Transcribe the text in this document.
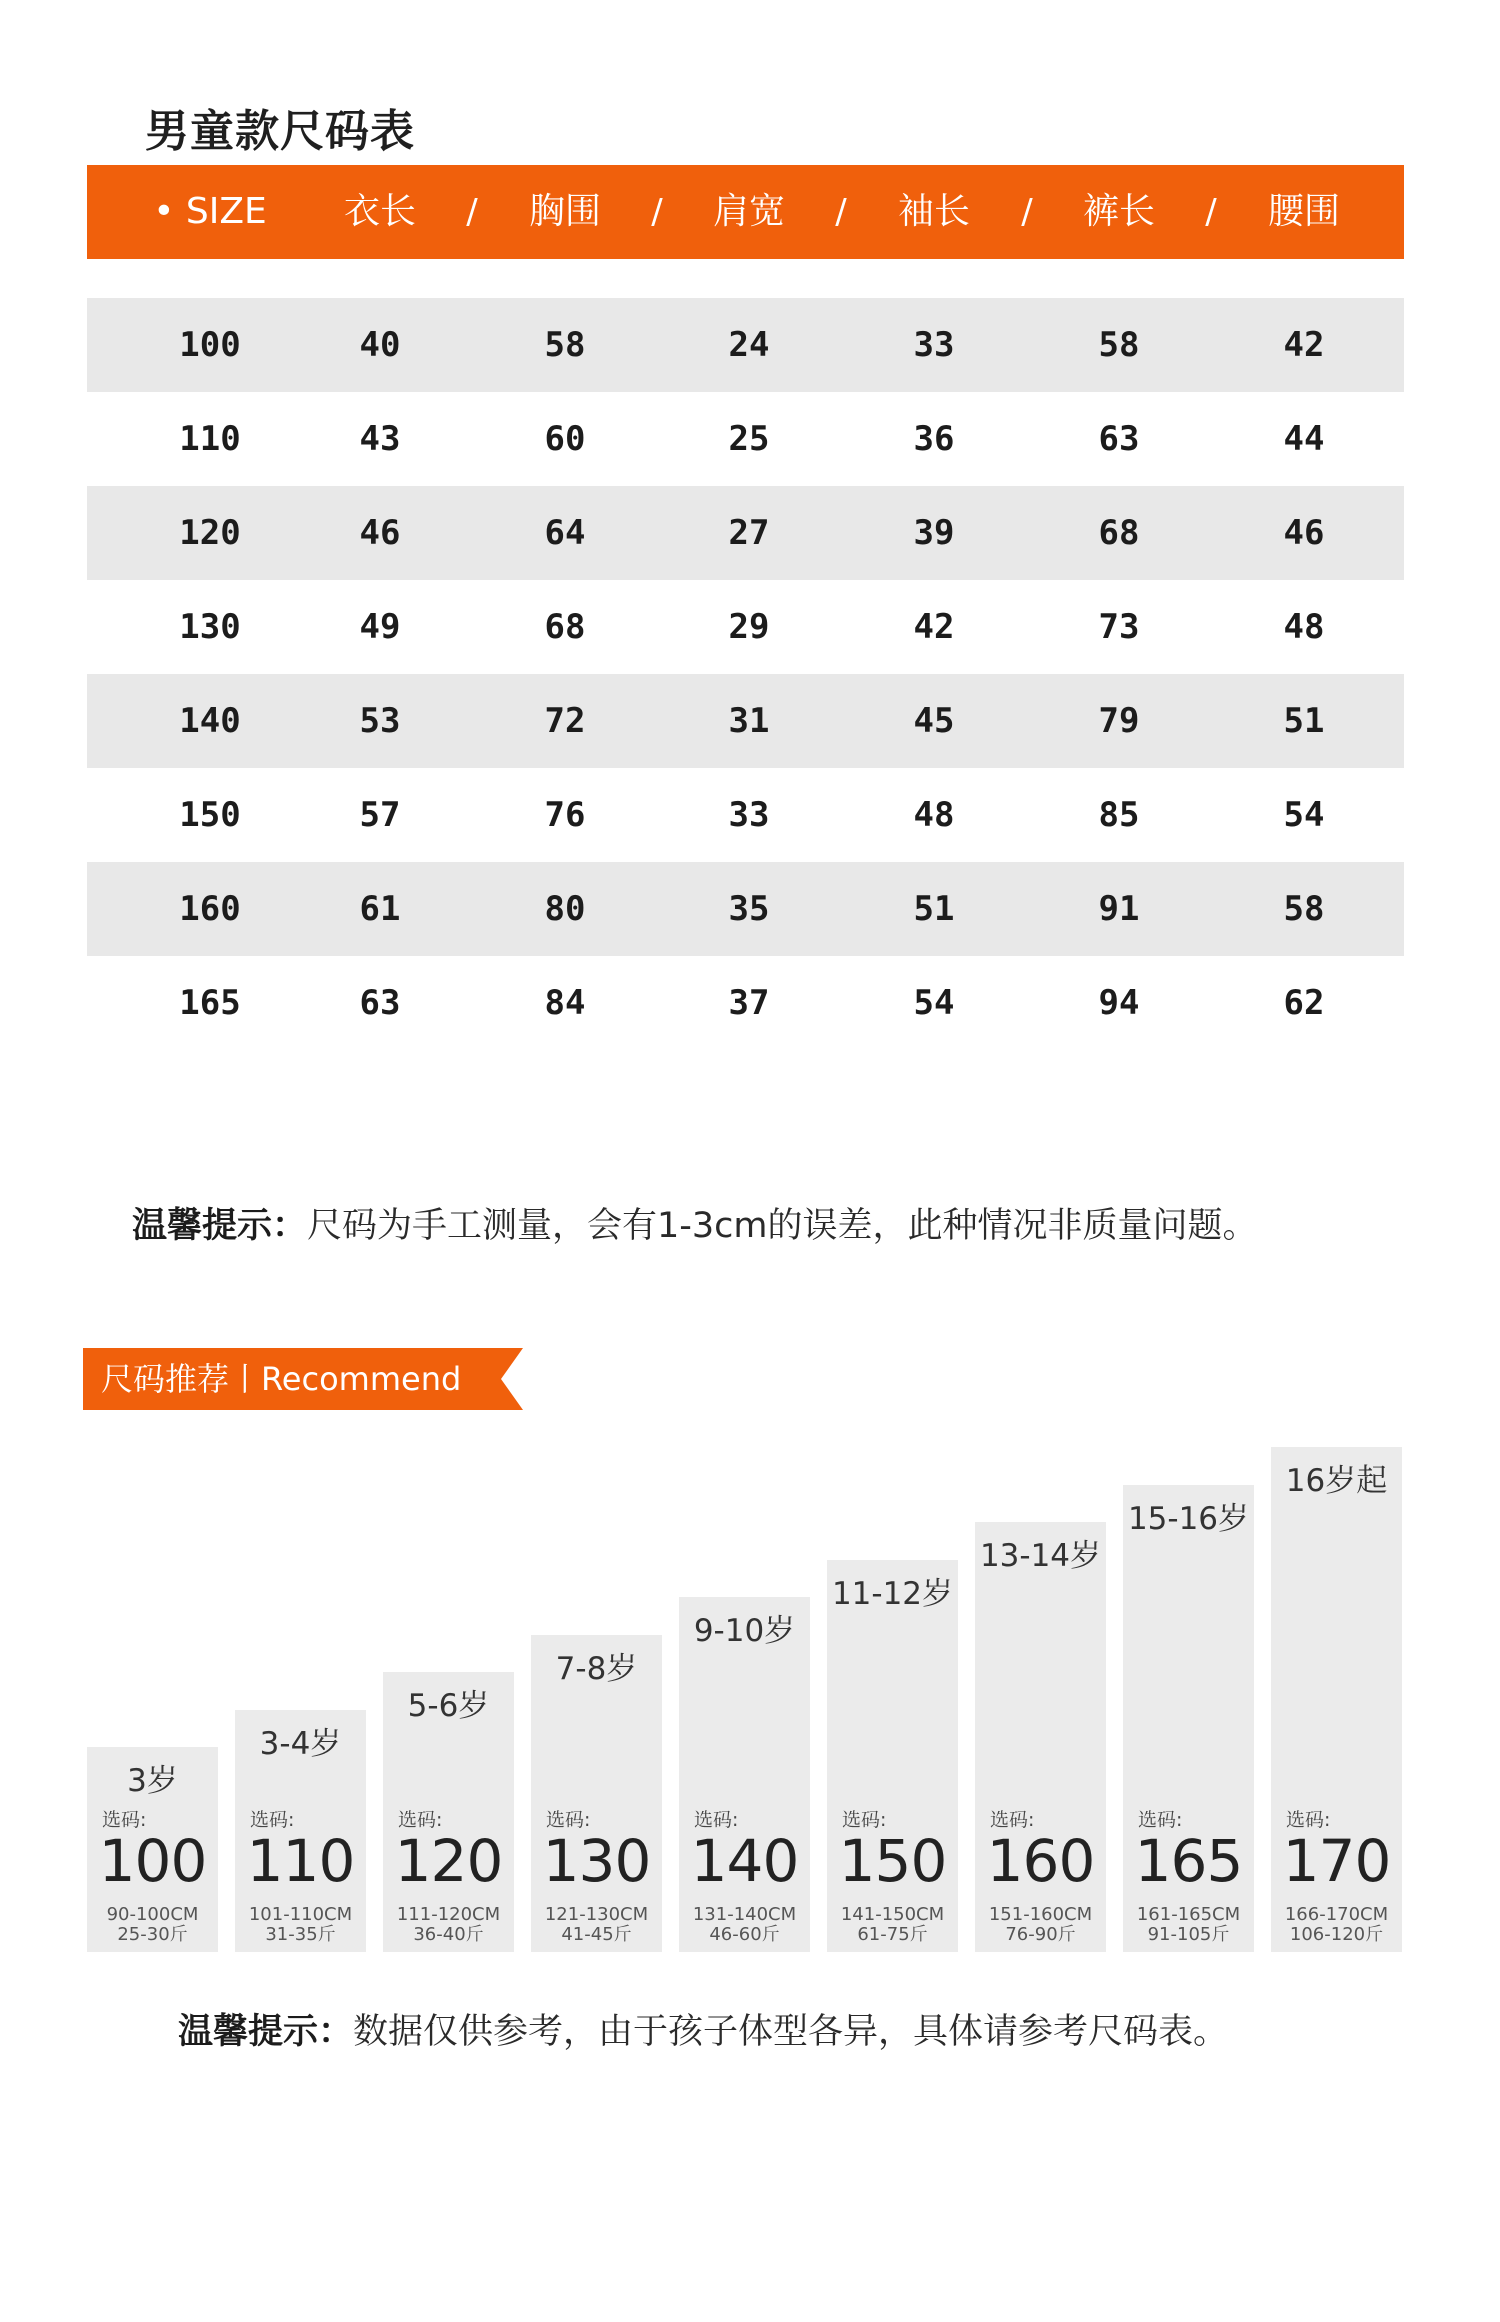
男童款尺码表
• SIZE 衣长 / 胸围 / 肩宽 / 袖长 / 裤长 / 腰围
100	40	58	24	33	58	42
110	43	60	25	36	63	44
120	46	64	27	39	68	46
130	49	68	29	42	73	48
140	53	72	31	45	79	51
150	57	76	33	48	85	54
160	61	80	35	51	91	58
165	63	84	37	54	94	62
温馨提示：尺码为手工测量，会有1-3cm的误差，此种情况非质量问题。
尺码推荐丨Recommend
3岁
选码:
100
90-100CM
25-30斤
3-4岁
选码:
110
101-110CM
31-35斤
5-6岁
选码:
120
111-120CM
36-40斤
7-8岁
选码:
130
121-130CM
41-45斤
9-10岁
选码:
140
131-140CM
46-60斤
11-12岁
选码:
150
141-150CM
61-75斤
13-14岁
选码:
160
151-160CM
76-90斤
15-16岁
选码:
165
161-165CM
91-105斤
16岁起
选码:
170
166-170CM
106-120斤
温馨提示：数据仅供参考，由于孩子体型各异，具体请参考尺码表。
